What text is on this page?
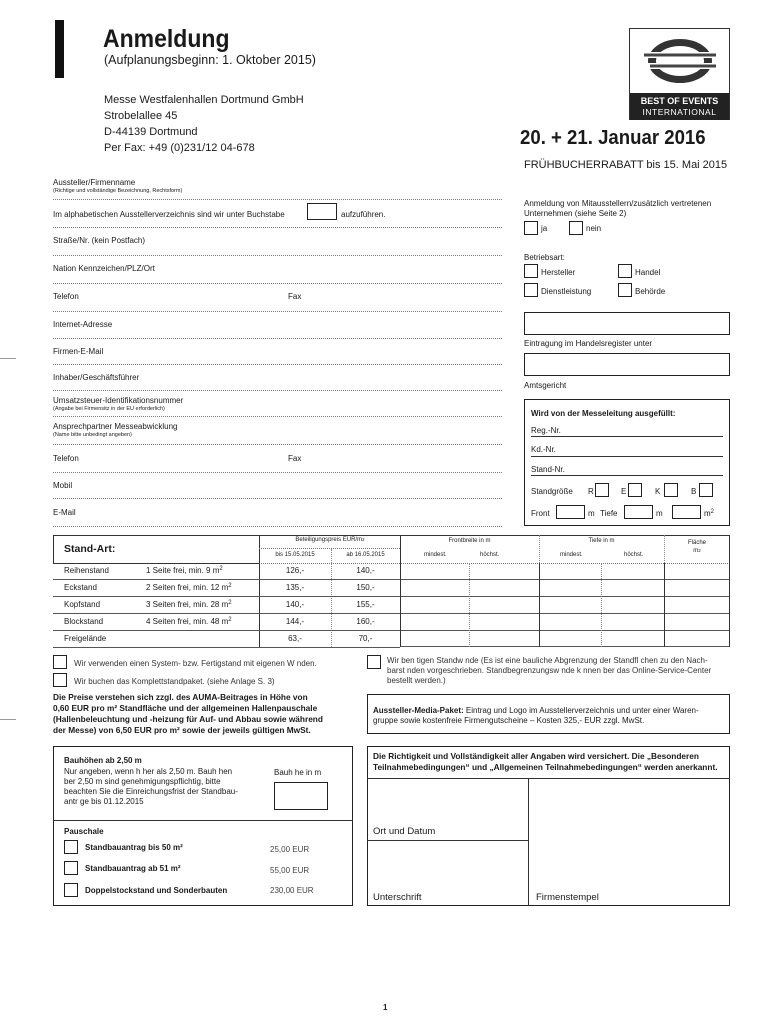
Anmeldung
(Aufplanungsbeginn: 1. Oktober 2015)
Messe Westfalenhallen Dortmund GmbH
Strobelallee 45
D-44139 Dortmund
Per Fax: +49 (0)231/12 04-678
BEST OF EVENTS
INTERNATIONAL
20. + 21. Januar 2016
FRÜHBUCHERRABATT bis 15. Mai 2015
Aussteller/Firmenname
(Richtige und vollständige Bezeichnung, Rechtsform)
Im alphabetischen Ausstellerverzeichnis sind wir unter Buchstabe	aufzuführen.
Straße/Nr. (kein Postfach)
Nation Kennzeichen/PLZ/Ort
Telefon	Fax
Internet-Adresse
Firmen-E-Mail
Inhaber/Geschäftsführer
Umsatzsteuer-Identifikationsnummer
(Angabe bei Firmensitz in der EU erforderlich)
Ansprechpartner Messeabwicklung
(Name bitte unbedingt angeben)
Telefon	Fax
Mobil
E-Mail
Anmeldung von Mitausstellern/zusätzlich vertretenen
Unternehmen (siehe Seite 2)
ja	nein
Betriebsart:
Hersteller	Handel
Dienstleistung	Behörde
Eintragung im Handelsregister unter
Amtsgericht
Wird von der Messeleitung ausgefüllt:
Reg.-Nr.
Kd.-Nr.
Stand-Nr.
Standgröße R	E	K	B
Front	m Tiefe	m	$m^2$
Stand-Art:
Beteiligungspreis EUR/$m^2$
bis 15.05.2015	ab 16.05.2015
Frontbreite in m
mindest.	höchst.
Tiefe in m
mindest.	höchst.
Fläche
$m^2$
Reihenstand	1 Seite frei, min. 9 $m^2$	126,-	140,-
Eckstand	2 Seiten frei, min. 12 $m^2$	135,-	150,-
Kopfstand	3 Seiten frei, min. 28 $m^2$	140,-	155,-
Blockstand	4 Seiten frei, min. 48 $m^2$	144,-	160,-
Freigelände	63,-	70,-
Wir verwenden einen System- bzw. Fertigstand mit eigenen W nden.
Wir buchen das Komplettstandpaket. (siehe Anlage S. 3)
Wir ben tigen Standw nde (Es ist eine bauliche Abgrenzung der Standfl chen zu den Nach-
barst nden vorgeschrieben. Standbegrenzungsw nde k nnen ber das Online-Service-Center
bestellt werden.)
Die Preise verstehen sich zzgl. des AUMA-Beitrages in Höhe von
0,60 EUR pro m² Standfläche und der allgemeinen Hallenpauschale
(Hallenbeleuchtung und -heizung für Auf- und Abbau sowie während
der Messe) von 6,50 EUR pro m² sowie der jeweils gültigen MwSt.
Aussteller-Media-Paket: Eintrag und Logo im Ausstellerverzeichnis und unter einer Waren-
gruppe sowie kostenfreie Firmengutscheine – Kosten 325,- EUR zzgl. MwSt.
Bauhöhen ab 2,50 m
Nur angeben, wenn h her als 2,50 m. Bauh hen
ber 2,50 m sind genehmigungspflichtig, bitte
beachten Sie die Einreichungsfrist der Standbau-
antr ge bis 01.12.2015
Bauh he in m
Pauschale
Standbauantrag bis 50 m²	25,00 EUR
Standbauantrag ab 51 m²	55,00 EUR
Doppelstockstand und Sonderbauten	230,00 EUR
Die Richtigkeit und Vollständigkeit aller Angaben wird versichert. Die „Besonderen
Teilnahmebedingungen“ und „Allgemeinen Teilnahmebedingungen“ werden anerkannt.
Ort und Datum
Unterschrift	Firmenstempel
1
